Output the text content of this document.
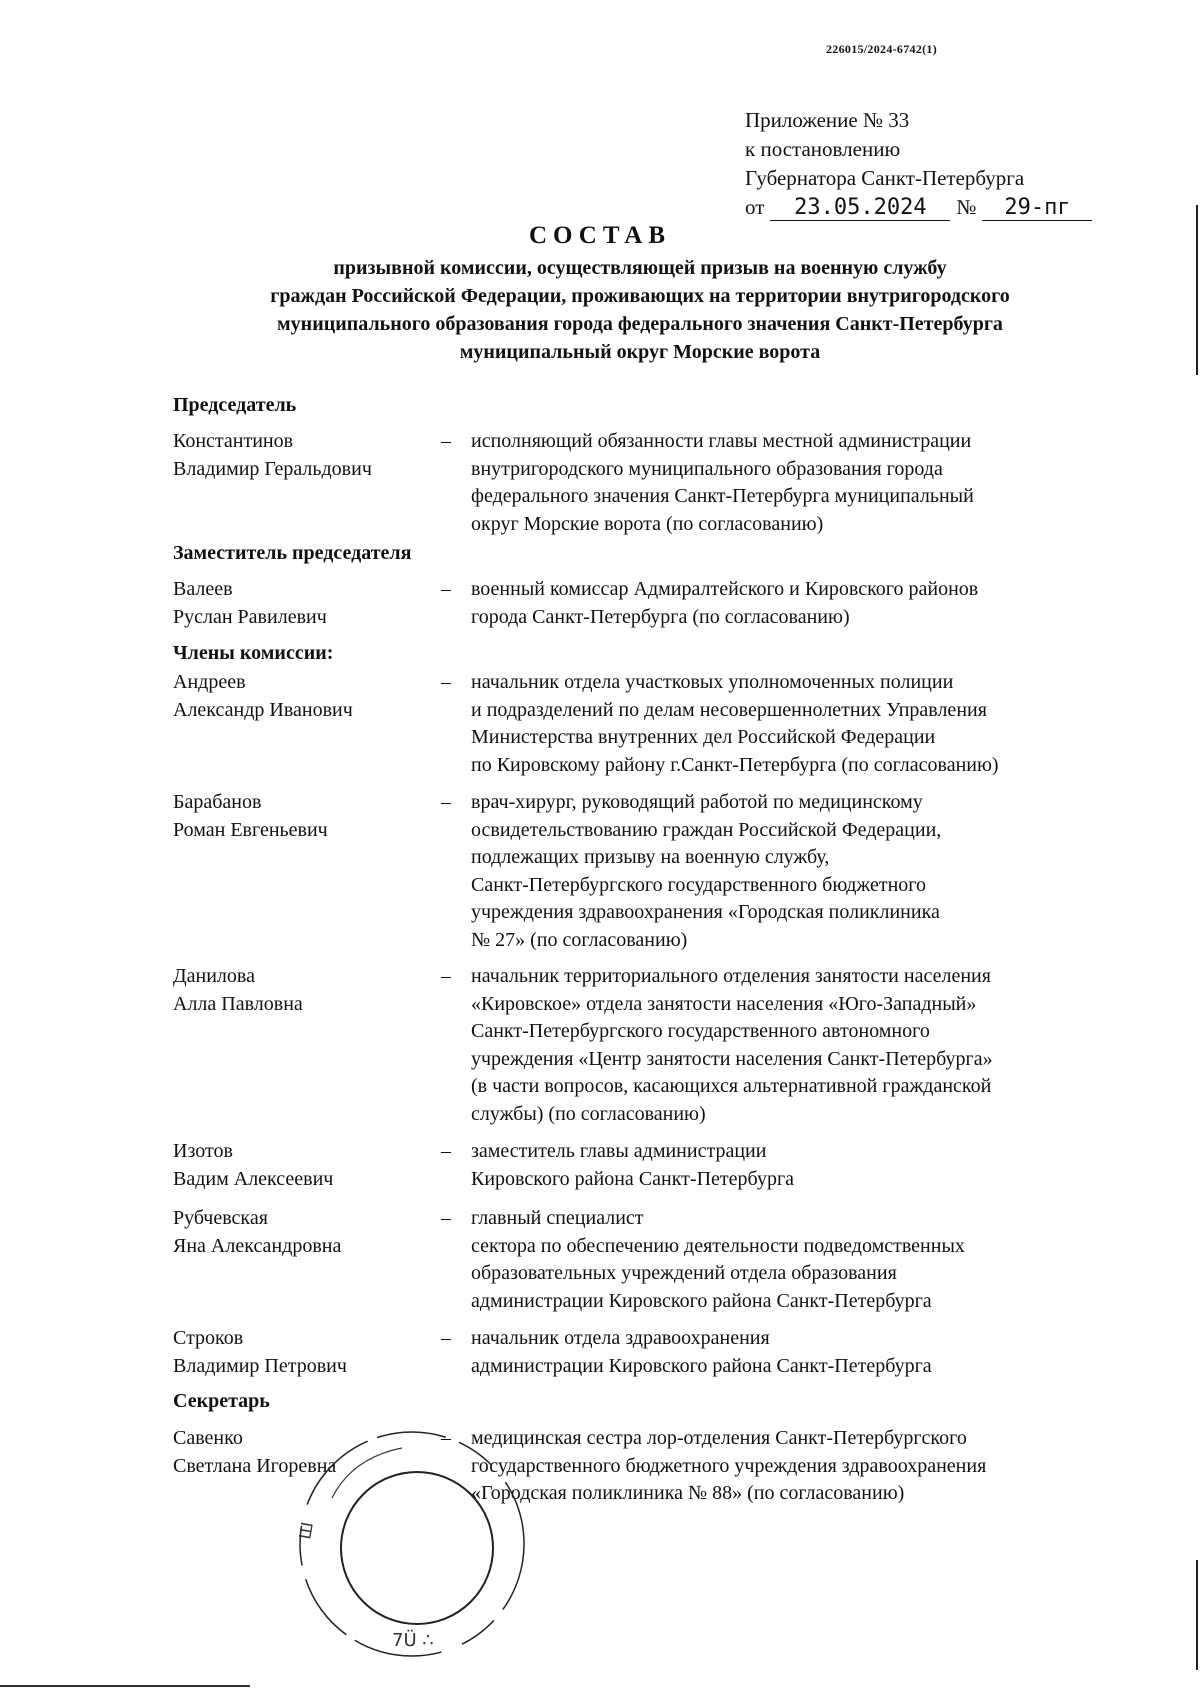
226015/2024-6742(1)
Приложение № 33
к постановлению
Губернатора Санкт-Петербурга
от 23.05.2024 № 29-пг
СОСТАВ
призывной комиссии, осуществляющей призыв на военную службу
граждан Российской Федерации, проживающих на территории внутригородского
муниципального образования города федерального значения Санкт-Петербурга
муниципальный округ Морские ворота
Председатель
Константинов
Владимир Геральдович
– исполняющий обязанности главы местной администрации
внутригородского муниципального образования города
федерального значения Санкт-Петербурга муниципальный
округ Морские ворота (по согласованию)
Заместитель председателя
Валеев
Руслан Равилевич
– военный комиссар Адмиралтейского и Кировского районов
города Санкт-Петербурга (по согласованию)
Члены комиссии:
Андреев
Александр Иванович
– начальник отдела участковых уполномоченных полиции
и подразделений по делам несовершеннолетних Управления
Министерства внутренних дел Российской Федерации
по Кировскому району г.Санкт-Петербурга (по согласованию)
Барабанов
Роман Евгеньевич
– врач-хирург, руководящий работой по медицинскому
освидетельствованию граждан Российской Федерации,
подлежащих призыву на военную службу,
Санкт-Петербургского государственного бюджетного
учреждения здравоохранения «Городская поликлиника
№ 27» (по согласованию)
Данилова
Алла Павловна
– начальник территориального отделения занятости населения
«Кировское» отдела занятости населения «Юго-Западный»
Санкт-Петербургского государственного автономного
учреждения «Центр занятости населения Санкт-Петербурга»
(в части вопросов, касающихся альтернативной гражданской
службы) (по согласованию)
Изотов
Вадим Алексеевич
– заместитель главы администрации
Кировского района Санкт-Петербурга
Рубчевская
Яна Александровна
– главный специалист
сектора по обеспечению деятельности подведомственных
образовательных учреждений отдела образования
администрации Кировского района Санкт-Петербурга
Строков
Владимир Петрович
– начальник отдела здравоохранения
администрации Кировского района Санкт-Петербурга
Секретарь
Савенко
Светлана Игоревна
– медицинская сестра лор-отделения Санкт-Петербургского
государственного бюджетного учреждения здравоохранения
«Городская поликлиника № 88» (по согласованию)
Ш
7Ü ∴
